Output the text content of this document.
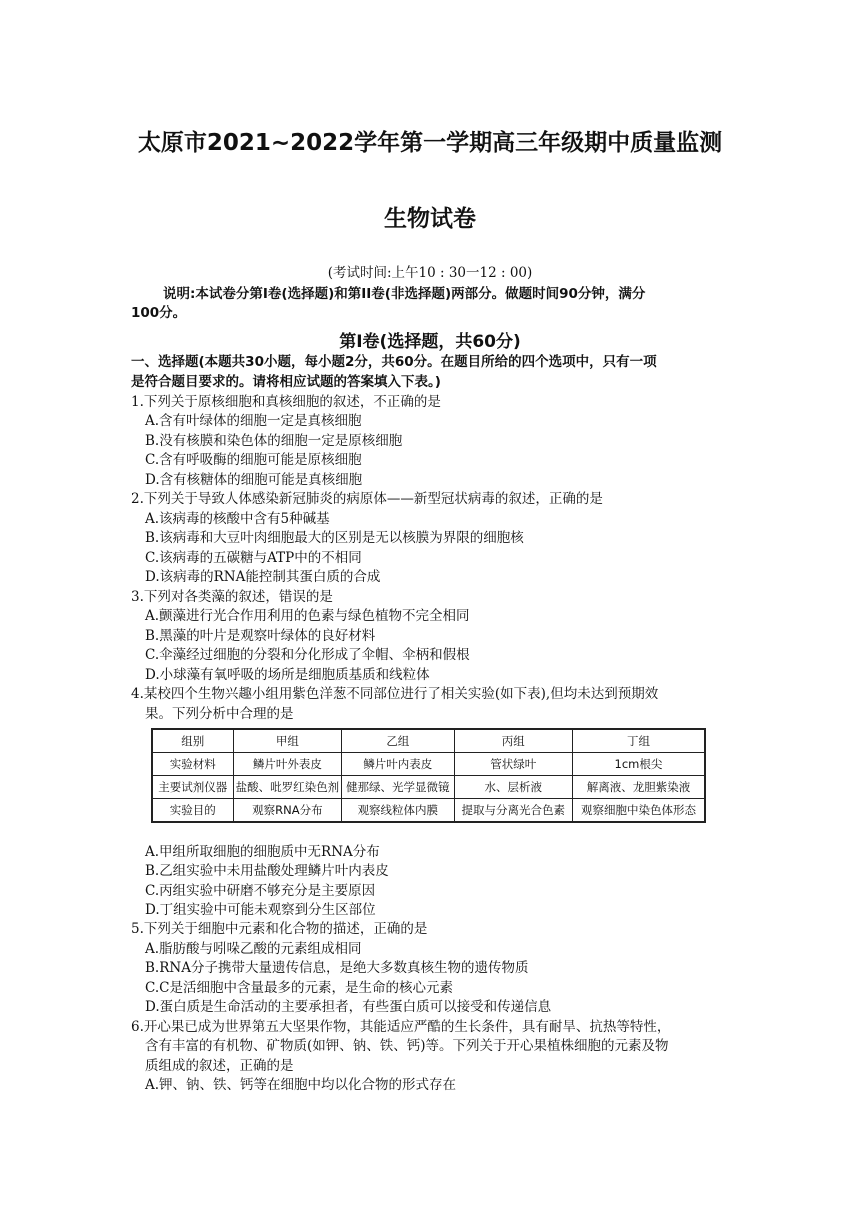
太原市2021~2022学年第一学期高三年级期中质量监测
生物试卷
(考试时间:上午10 : 30一12 : 00)
说明:本试卷分第Ⅰ卷(选择题)和第II卷(非选择题)两部分。做题时间90分钟，满分
100分。
第Ⅰ卷(选择题，共60分)
一、选择题(本题共30小题，每小题2分，共60分。在题目所给的四个选项中，只有一项
是符合题目要求的。请将相应试题的答案填入下表。)
1.下列关于原核细胞和真核细胞的叙述，不正确的是
A.含有叶绿体的细胞一定是真核细胞
B.没有核膜和染色体的细胞一定是原核细胞
C.含有呼吸酶的细胞可能是原核细胞
D.含有核糖体的细胞可能是真核细胞
2.下列关于导致人体感染新冠肺炎的病原体——新型冠状病毒的叙述，正确的是
A.该病毒的核酸中含有5种碱基
B.该病毒和大豆叶肉细胞最大的区别是无以核膜为界限的细胞核
C.该病毒的五碳糖与ATP中的不相同
D.该病毒的RNA能控制其蛋白质的合成
3.下列对各类藻的叙述，错误的是
A.颤藻进行光合作用利用的色素与绿色植物不完全相同
B.黑藻的叶片是观察叶绿体的良好材料
C.伞藻经过细胞的分裂和分化形成了伞帽、伞柄和假根
D.小球藻有氧呼吸的场所是细胞质基质和线粒体
4.某校四个生物兴趣小组用紫色洋葱不同部位进行了相关实验(如下表),但均未达到预期效
果。下列分析中合理的是
组别	甲组	乙组	丙组	丁组
实验材料	鳞片叶外表皮	鳞片叶内表皮	管状绿叶	1cm根尖
主要试剂仪器	盐酸、吡罗红染色剂	健那绿、光学显微镜	水、层析液	解离液、龙胆紫染液
实验目的	观察RNA分布	观察线粒体内膜	提取与分离光合色素	观察细胞中染色体形态
A.甲组所取细胞的细胞质中无RNA分布
B.乙组实验中未用盐酸处理鳞片叶内表皮
C.丙组实验中研磨不够充分是主要原因
D.丁组实验中可能未观察到分生区部位
5.下列关于细胞中元素和化合物的描述，正确的是
A.脂肪酸与吲哚乙酸的元素组成相同
B.RNA分子携带大量遗传信息，是绝大多数真核生物的遗传物质
C.C是活细胞中含量最多的元素，是生命的核心元素
D.蛋白质是生命活动的主要承担者，有些蛋白质可以接受和传递信息
6.开心果已成为世界第五大坚果作物，其能适应严酷的生长条件，具有耐旱、抗热等特性，
含有丰富的有机物、矿物质(如钾、钠、铁、钙)等。下列关于开心果植株细胞的元素及物
质组成的叙述，正确的是
A.钾、钠、铁、钙等在细胞中均以化合物的形式存在
